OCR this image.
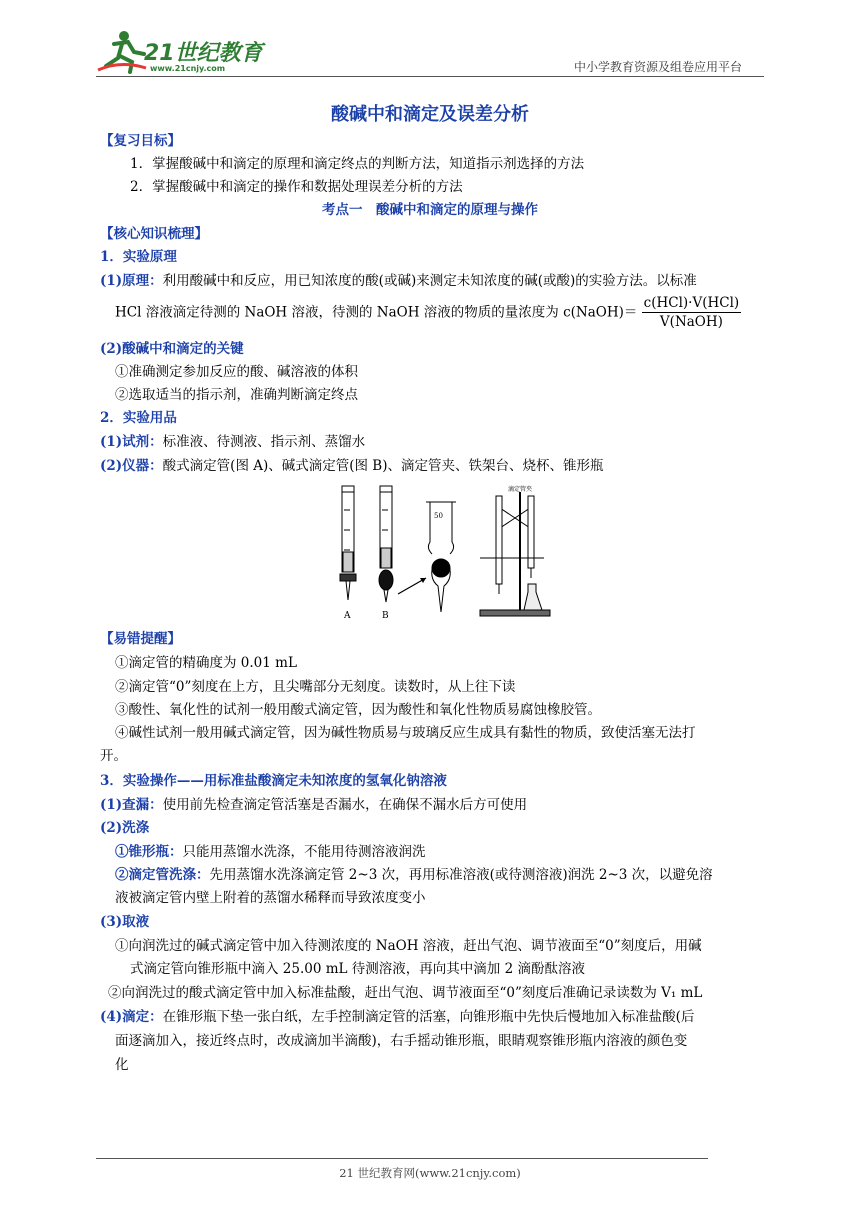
21世纪教育
www.21cnjy.com	中小学教育资源及组卷应用平台
酸碱中和滴定及误差分析
【复习目标】
1．掌握酸碱中和滴定的原理和滴定终点的判断方法，知道指示剂选择的方法
2．掌握酸碱中和滴定的操作和数据处理误差分析的方法
考点一　酸碱中和滴定的原理与操作
【核心知识梳理】
1．实验原理
(1)原理：利用酸碱中和反应，用已知浓度的酸(或碱)来测定未知浓度的碱(或酸)的实验方法。以标准
HCl 溶液滴定待测的 NaOH 溶液，待测的 NaOH 溶液的物质的量浓度为 c(NaOH)＝ $\frac{\text{c(HCl)·V(HCl)}}{\text{V(NaOH)}}$
(2)酸碱中和滴定的关键
①准确测定参加反应的酸、碱溶液的体积
②选取适当的指示剂，准确判断滴定终点
2．实验用品
(1)试剂：标准液、待测液、指示剂、蒸馏水
(2)仪器：酸式滴定管(图 A)、碱式滴定管(图 B)、滴定管夹、铁架台、烧杯、锥形瓶
A	B
50
滴定管夹
【易错提醒】
①滴定管的精确度为 0.01 mL
②滴定管“0”刻度在上方，且尖嘴部分无刻度。读数时，从上往下读
③酸性、氧化性的试剂一般用酸式滴定管，因为酸性和氧化性物质易腐蚀橡胶管。
④碱性试剂一般用碱式滴定管，因为碱性物质易与玻璃反应生成具有黏性的物质，致使活塞无法打
开。
3．实验操作——用标准盐酸滴定未知浓度的氢氧化钠溶液
(1)查漏：使用前先检查滴定管活塞是否漏水，在确保不漏水后方可使用
(2)洗涤
①锥形瓶：只能用蒸馏水洗涤，不能用待测溶液润洗
②滴定管洗涤：先用蒸馏水洗涤滴定管 2~3 次，再用标准溶液(或待测溶液)润洗 2~3 次，以避免溶
液被滴定管内壁上附着的蒸馏水稀释而导致浓度变小
(3)取液
①向润洗过的碱式滴定管中加入待测浓度的 NaOH 溶液，赶出气泡、调节液面至“0”刻度后，用碱
式滴定管向锥形瓶中滴入 25.00 mL 待测溶液，再向其中滴加 2 滴酚酞溶液
②向润洗过的酸式滴定管中加入标准盐酸，赶出气泡、调节液面至“0”刻度后准确记录读数为 V₁ mL
(4)滴定：在锥形瓶下垫一张白纸，左手控制滴定管的活塞，向锥形瓶中先快后慢地加入标准盐酸(后
面逐滴加入，接近终点时，改成滴加半滴酸)，右手摇动锥形瓶，眼睛观察锥形瓶内溶液的颜色变
化
21 世纪教育网(www.21cnjy.com)
